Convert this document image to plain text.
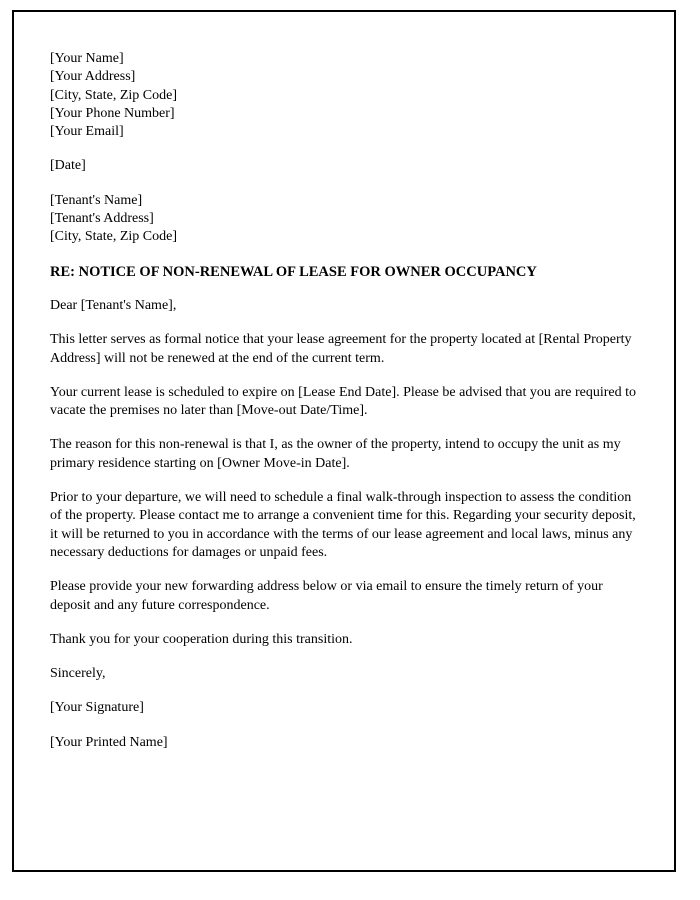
[Your Name]
[Your Address]
[City, State, Zip Code]
[Your Phone Number]
[Your Email]
[Date]
[Tenant's Name]
[Tenant's Address]
[City, State, Zip Code]
RE: NOTICE OF NON-RENEWAL OF LEASE FOR OWNER OCCUPANCY
Dear [Tenant's Name],
This letter serves as formal notice that your lease agreement for the property located at [Rental Property Address] will not be renewed at the end of the current term.
Your current lease is scheduled to expire on [Lease End Date]. Please be advised that you are required to vacate the premises no later than [Move-out Date/Time].
The reason for this non-renewal is that I, as the owner of the property, intend to occupy the unit as my primary residence starting on [Owner Move-in Date].
Prior to your departure, we will need to schedule a final walk-through inspection to assess the condition of the property. Please contact me to arrange a convenient time for this. Regarding your security deposit, it will be returned to you in accordance with the terms of our lease agreement and local laws, minus any necessary deductions for damages or unpaid fees.
Please provide your new forwarding address below or via email to ensure the timely return of your deposit and any future correspondence.
Thank you for your cooperation during this transition.
Sincerely,
[Your Signature]
[Your Printed Name]
